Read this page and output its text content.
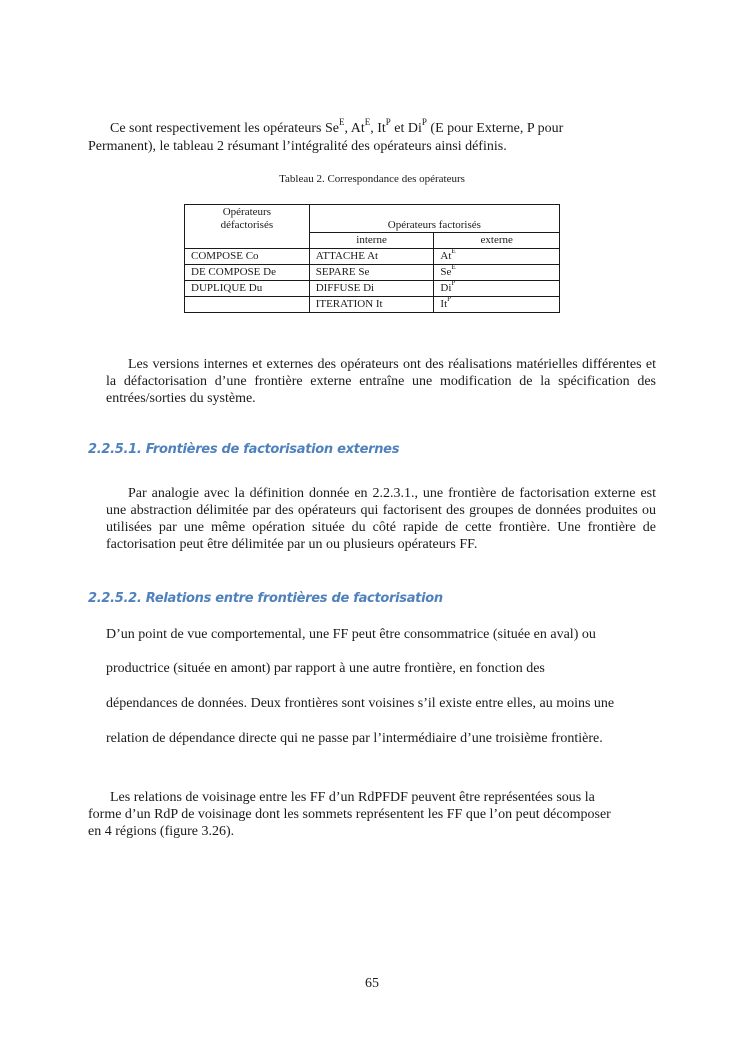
Ce sont respectivement les opérateurs $Se^E$, $At^E$, $It^P$ et $Di^P$ (E pour Externe, P pour
Permanent), le tableau 2 résumant l’intégralité des opérateurs ainsi définis.
Tableau 2. Correspondance des opérateurs
Opérateurs
défactorisés	Opérateurs factorisés	
	interne	externe
COMPOSE Co	ATTACHE At	$At^E$
DE COMPOSE De	SEPARE Se	$Se^E$
DUPLIQUE Du	DIFFUSE Di	$Di^P$
	ITERATION It	$It^P$
Les versions internes et externes des opérateurs ont des réalisations matérielles différentes et la défactorisation d’une frontière externe entraîne une modification de la spécification des entrées/sorties du système.
2.2.5.1. Frontières de factorisation externes
Par analogie avec la définition donnée en 2.2.3.1., une frontière de factorisation externe est une abstraction délimitée par des opérateurs qui factorisent des groupes de données produites ou utilisées par une même opération située du côté rapide de cette frontière. Une frontière de factorisation peut être délimitée par un ou plusieurs opérateurs FF.
2.2.5.2. Relations entre frontières de factorisation
D’un point de vue comportemental, une FF peut être consommatrice (située en aval) ou
productrice (située en amont) par rapport à une autre frontière, en fonction des
dépendances de données. Deux frontières sont voisines s’il existe entre elles, au moins une
relation de dépendance directe qui ne passe par l’intermédiaire d’une troisième frontière.
Les relations de voisinage entre les FF d’un RdPFDF peuvent être représentées sous la
forme d’un RdP de voisinage dont les sommets représentent les FF que l’on peut décomposer
en 4 régions (figure 3.26).
65
